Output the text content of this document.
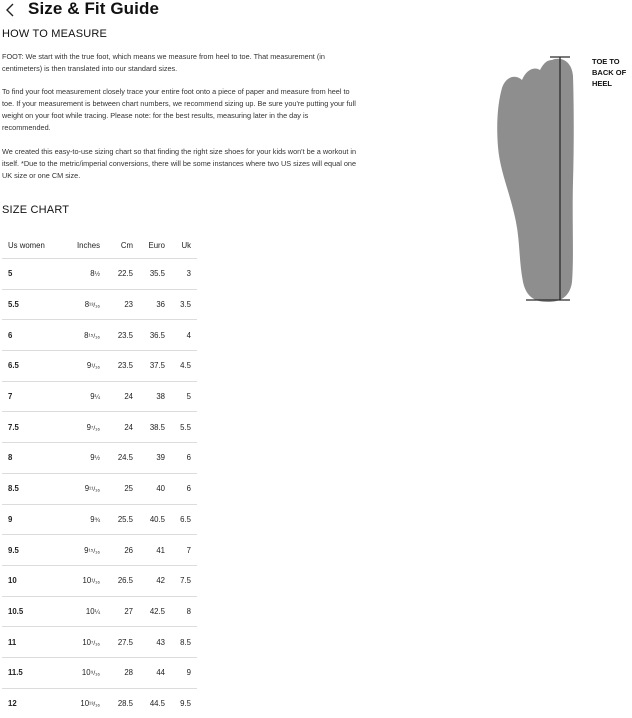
Size & Fit Guide
HOW TO MEASURE

FOOT: We start with the true foot, which means we measure from heel to toe. That measurement (in centimeters) is then translated into our standard sizes.

To find your foot measurement closely trace your entire foot onto a piece of paper and measure from heel to toe. If your measurement is between chart numbers, we recommend sizing up. Be sure you're putting your full weight on your foot while tracing. Please note: for the best results, measuring later in the day is recommended.

We created this easy-to-use sizing chart so that finding the right size shoes for your kids won't be a workout in itself. *Due to the metric/imperial conversions, there will be some instances where two US sizes will equal one UK size or one CM size.

SIZE CHART
Us women	Inches	Cm	Euro	Uk
5	8½	22.5	35.5	3
5.5	8¹³/₁₆	23	36	3.5
6	8¹⁵/₁₆	23.5	36.5	4
6.5	9¹/₁₆	23.5	37.5	4.5
7	9¼	24	38	5
7.5	9⁷/₁₆	24	38.5	5.5
8	9½	24.5	39	6
8.5	9¹¹/₁₆	25	40	6
9	9¾	25.5	40.5	6.5
9.5	9¹⁵/₁₆	26	41	7
10	10¹/₁₆	26.5	42	7.5
10.5	10¼	27	42.5	8
11	10⁷/₁₆	27.5	43	8.5
11.5	10⁹/₁₆	28	44	9
12	10¹³/₁₆	28.5	44.5	9.5
TOE TO
BACK OF
HEEL
